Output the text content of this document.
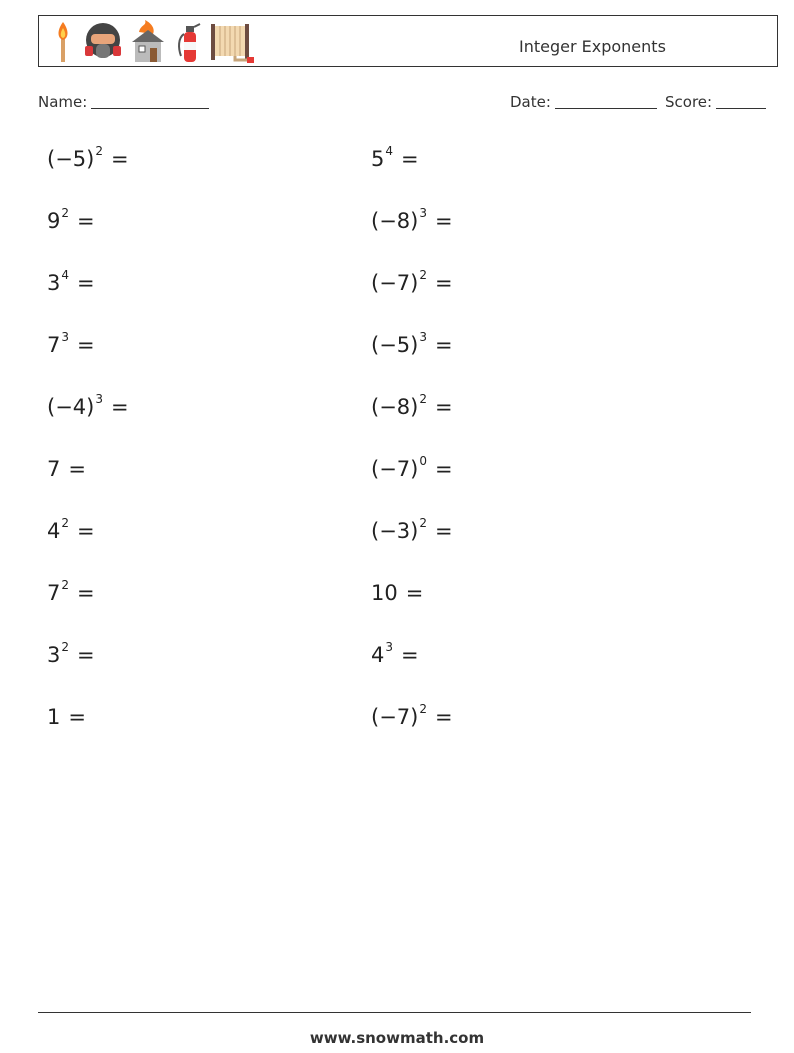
Integer Exponents
Name:	Date:	Score:
$(-5)^2$ =	$5^4$ =
$9^2$ =	$(-8)^3$ =
$3^4$ =	$(-7)^2$ =
$7^3$ =	$(-5)^3$ =
$(-4)^3$ =	$(-8)^2$ =
7 =	$(-7)^0$ =
$4^2$ =	$(-3)^2$ =
$7^2$ =	10 =
$3^2$ =	$4^3$ =
1 =	$(-7)^2$ =
www.snowmath.com
